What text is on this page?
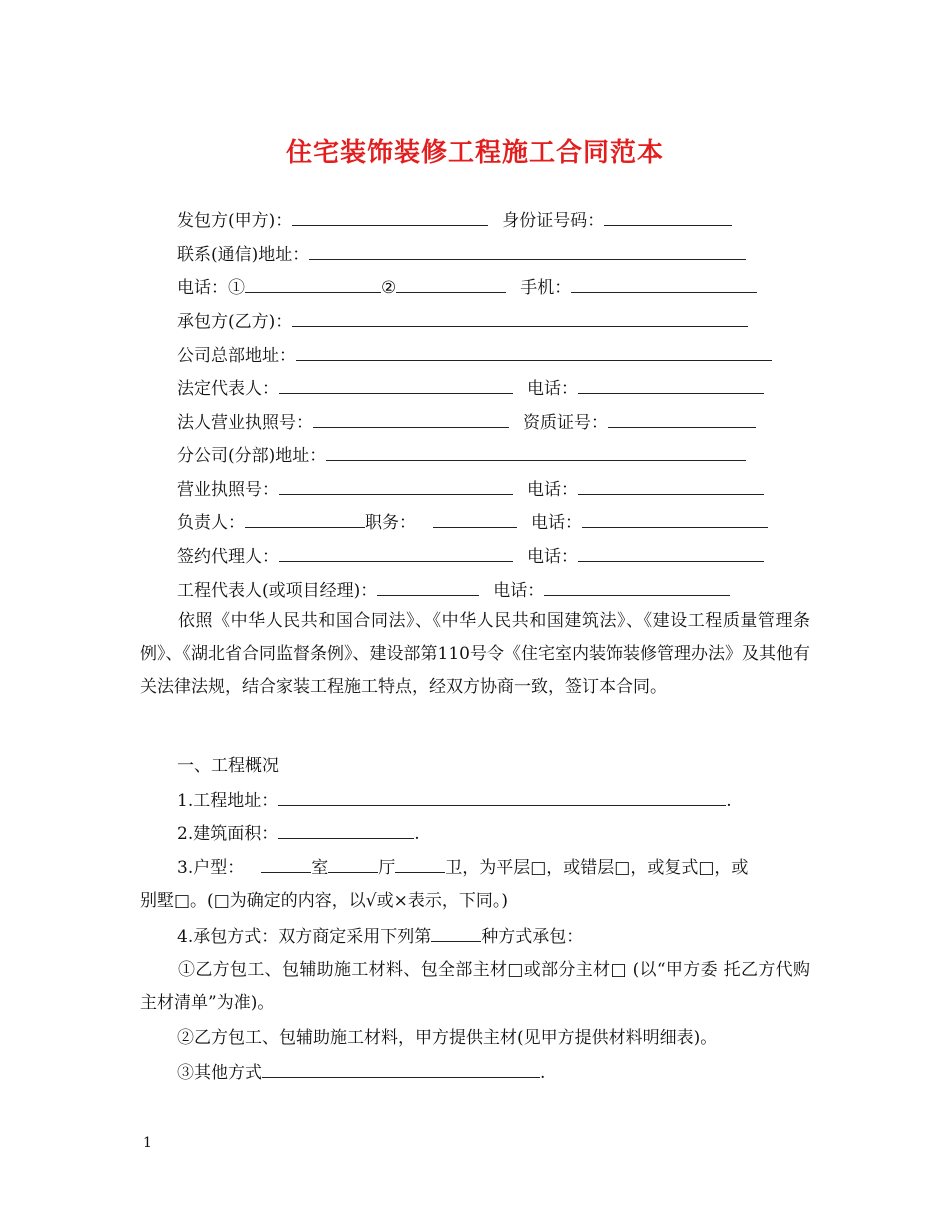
住宅装饰装修工程施工合同范本
发包方(甲方)：	身份证号码：
联系(通信)地址：
电话：①	②	手机：
承包方(乙方)：
公司总部地址：
法定代表人：	电话：
法人营业执照号：	资质证号：
分公司(分部)地址：
营业执照号：	电话：
负责人：	职务：	电话：
签约代理人：	电话：
工程代表人(或项目经理)：	电话：
依照《中华人民共和国合同法》、《中华人民共和国建筑法》、《建设工程质量管理条例》、《湖北省合同监督条例》、建设部第110号令《住宅室内装饰装修管理办法》及其他有关法律法规，结合家装工程施工特点，经双方协商一致，签订本合同。
一、工程概况
1.工程地址：	.
2.建筑面积：	.
3.户型：	室	厅	卫，为平层□，或错层□，或复式□，或
别墅□。(□为确定的内容，以√或×表示，下同。)
4.承包方式：双方商定采用下列第	种方式承包：
①乙方包工、包辅助施工材料、包全部主材□或部分主材□ (以“甲方委 托乙方代购主材清单”为准)。
②乙方包工、包辅助施工材料，甲方提供主材(见甲方提供材料明细表)。
③其他方式	.
1
